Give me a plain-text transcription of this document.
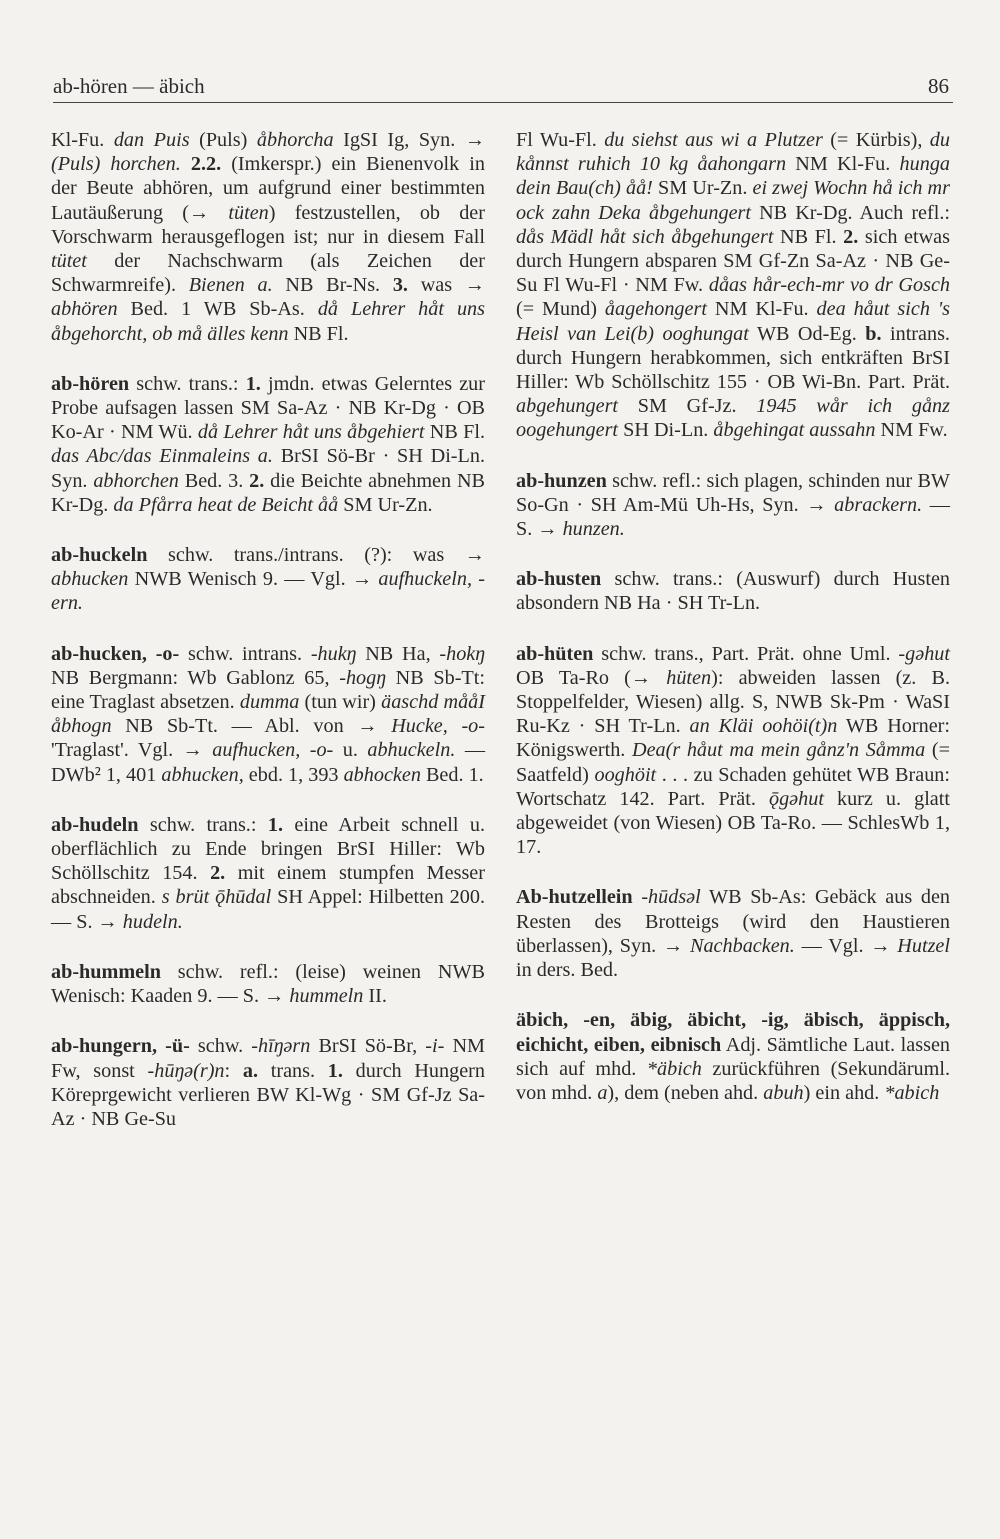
ab-hören — äbich	86

Kl-Fu. dan Puis (Puls) åbhorcha IgSI Ig, Syn. → (Puls) horchen. 2.2. (Imkerspr.) ein Bienenvolk in der Beute abhören, um aufgrund einer bestimmten Lautäußerung (→ tüten) festzustellen, ob der Vorschwarm herausgeflogen ist; nur in diesem Fall tütet der Nachschwarm (als Zeichen der Schwarmreife). Bienen a. NB Br-Ns. 3. was → abhören Bed. 1 WB Sb-As. då Lehrer håt uns åbgehorcht, ob må älles kenn NB Fl.

ab-hören schw. trans.: 1. jmdn. etwas Gelerntes zur Probe aufsagen lassen SM Sa-Az · NB Kr-Dg · OB Ko-Ar · NM Wü. då Lehrer håt uns åbgehiert NB Fl. das Abc/das Einmaleins a. BrSI Sö-Br · SH Di-Ln. Syn. abhorchen Bed. 3. 2. die Beichte abnehmen NB Kr-Dg. da Pfårra heat de Beicht åå SM Ur-Zn.

ab-huckeln schw. trans./intrans. (?): was → abhucken NWB Wenisch 9. — Vgl. → aufhuckeln, -ern.

ab-hucken, -o- schw. intrans. -hukŋ NB Ha, -hokŋ NB Bergmann: Wb Gablonz 65, -hogŋ NB Sb-Tt: eine Traglast absetzen. dumma (tun wir) äaschd mååI åbhogn NB Sb-Tt. — Abl. von → Hucke, -o- 'Traglast'. Vgl. → aufhucken, -o- u. abhuckeln. — DWb² 1, 401 abhucken, ebd. 1, 393 abhocken Bed. 1.

ab-hudeln schw. trans.: 1. eine Arbeit schnell u. oberflächlich zu Ende bringen BrSI Hiller: Wb Schöllschitz 154. 2. mit einem stumpfen Messer abschneiden. s brüt ǭhūdal SH Appel: Hilbetten 200. — S. → hudeln.

ab-hummeln schw. refl.: (leise) weinen NWB Wenisch: Kaaden 9. — S. → hummeln II.

ab-hungern, -ü- schw. -hīŋərn BrSI Sö-Br, -i- NM Fw, sonst -hūŋə(r)n: a. trans. 1. durch Hungern Köreprgewicht verlieren BW Kl-Wg · SM Gf-Jz Sa-Az · NB Ge-Su

Fl Wu-Fl. du siehst aus wi a Plutzer (= Kürbis), du kånnst ruhich 10 kg åahongarn NM Kl-Fu. hunga dein Bau(ch) åå! SM Ur-Zn. ei zwej Wochn hå ich mr ock zahn Deka åbgehungert NB Kr-Dg. Auch refl.: dås Mädl håt sich åbgehungert NB Fl. 2. sich etwas durch Hungern absparen SM Gf-Zn Sa-Az · NB Ge-Su Fl Wu-Fl · NM Fw. dåas hår-ech-mr vo dr Gosch (= Mund) åagehongert NM Kl-Fu. dea håut sich 's Heisl van Lei(b) ooghungat WB Od-Eg. b. intrans. durch Hungern herabkommen, sich entkräften BrSI Hiller: Wb Schöllschitz 155 · OB Wi-Bn. Part. Prät. abgehungert SM Gf-Jz. 1945 wår ich gånz oogehungert SH Di-Ln. åbgehingat aussahn NM Fw.

ab-hunzen schw. refl.: sich plagen, schinden nur BW So-Gn · SH Am-Mü Uh-Hs, Syn. → abrackern. — S. → hunzen.

ab-husten schw. trans.: (Auswurf) durch Husten absondern NB Ha · SH Tr-Ln.

ab-hüten schw. trans., Part. Prät. ohne Uml. -gəhut OB Ta-Ro (→ hüten): abweiden lassen (z. B. Stoppelfelder, Wiesen) allg. S, NWB Sk-Pm · WaSI Ru-Kz · SH Tr-Ln. an Kläi oohöi(t)n WB Horner: Königswerth. Dea(r håut ma mein gånz'n Såmma (= Saatfeld) ooghöit . . . zu Schaden gehütet WB Braun: Wortschatz 142. Part. Prät. ǭgəhut kurz u. glatt abgeweidet (von Wiesen) OB Ta-Ro. — SchlesWb 1, 17.

Ab-hutzellein -hūdsəl WB Sb-As: Gebäck aus den Resten des Brotteigs (wird den Haustieren überlassen), Syn. → Nachbacken. — Vgl. → Hutzel in ders. Bed.

äbich, -en, äbig, äbicht, -ig, äbisch, äppisch, eichicht, eiben, eibnisch Adj. Sämtliche Laut. lassen sich auf mhd. *äbich zurückführen (Sekundäruml. von mhd. a), dem (neben ahd. abuh) ein ahd. *abich
